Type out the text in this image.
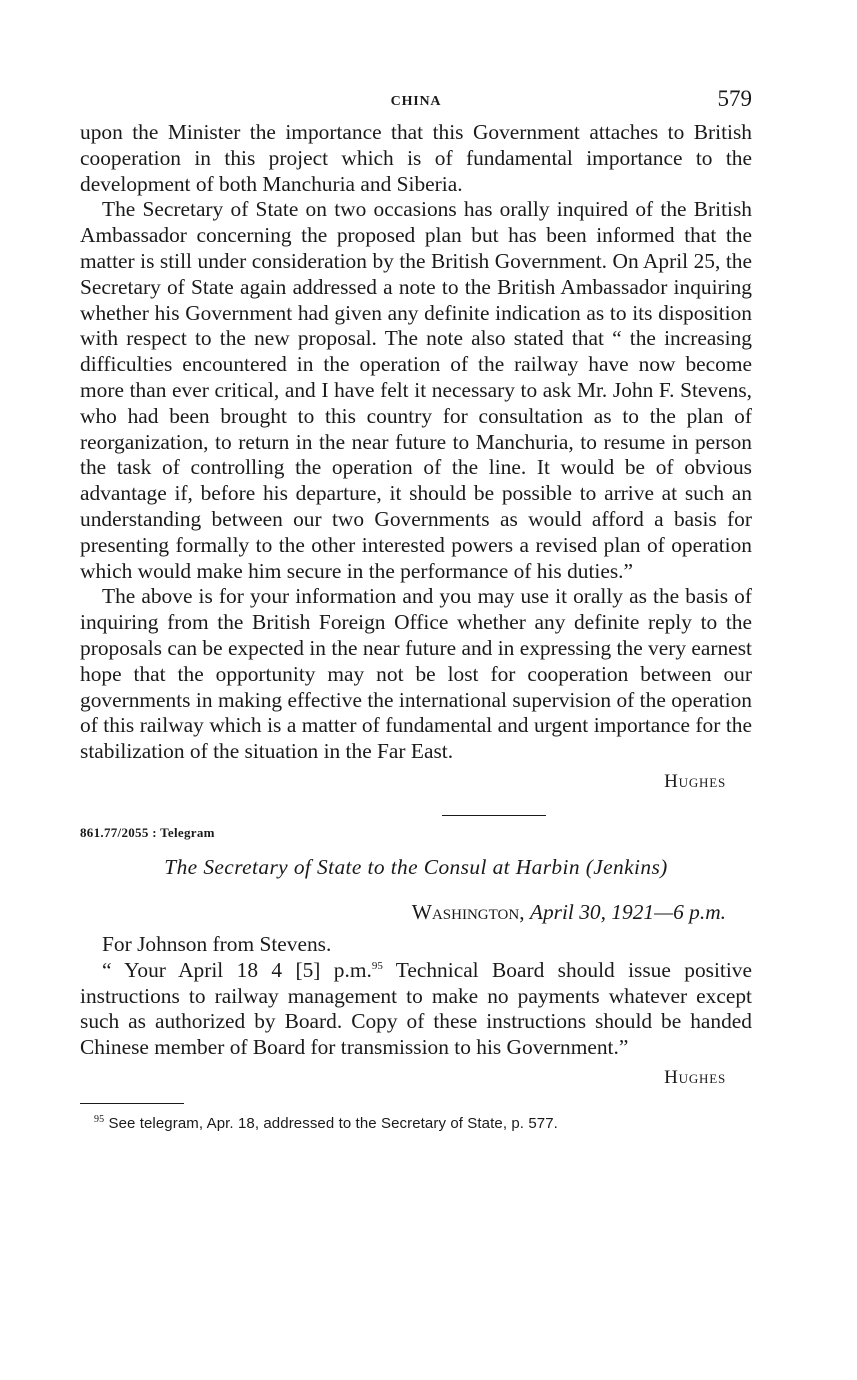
CHINA	579

upon the Minister the importance that this Government attaches to British cooperation in this project which is of fundamental importance to the development of both Manchuria and Siberia.

The Secretary of State on two occasions has orally inquired of the British Ambassador concerning the proposed plan but has been informed that the matter is still under consideration by the British Government. On April 25, the Secretary of State again addressed a note to the British Ambassador inquiring whether his Government had given any definite indication as to its disposition with respect to the new proposal. The note also stated that “ the increasing difficulties encountered in the operation of the railway have now become more than ever critical, and I have felt it necessary to ask Mr. John F. Stevens, who had been brought to this country for consultation as to the plan of reorganization, to return in the near future to Manchuria, to resume in person the task of controlling the operation of the line. It would be of obvious advantage if, before his departure, it should be possible to arrive at such an understanding between our two Governments as would afford a basis for presenting formally to the other interested powers a revised plan of operation which would make him secure in the performance of his duties.”

The above is for your information and you may use it orally as the basis of inquiring from the British Foreign Office whether any definite reply to the proposals can be expected in the near future and in expressing the very earnest hope that the opportunity may not be lost for cooperation between our governments in making effective the international supervision of the operation of this railway which is a matter of fundamental and urgent importance for the stabilization of the situation in the Far East.

Hughes
861.77/2055 : Telegram
The Secretary of State to the Consul at Harbin (Jenkins)
Washington, April 30, 1921—6 p.m.

For Johnson from Stevens.

“ Your April 18 4 [5] p.m.$^{95}$ Technical Board should issue positive instructions to railway management to make no payments whatever except such as authorized by Board. Copy of these instructions should be handed Chinese member of Board for transmission to his Government.”

Hughes
$^{95}$ See telegram, Apr. 18, addressed to the Secretary of State, p. 577.
